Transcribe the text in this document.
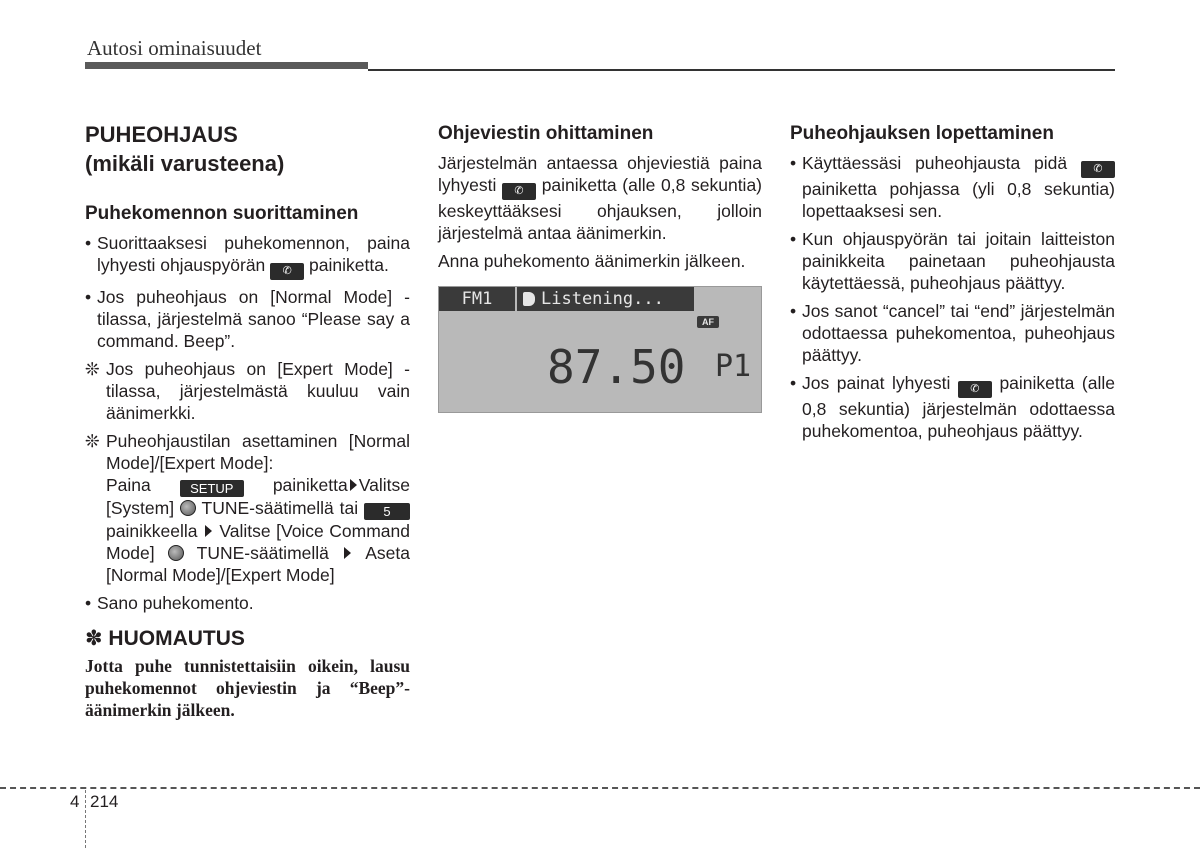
Autosi ominaisuudet
PUHEOHJAUS
(mikäli varusteena)
Puhekomennon suorittaminen
• Suorittaaksesi puhekomennon, paina lyhyesti ohjauspyörän ✆ painiketta.
• Jos puheohjaus on [Normal Mode] -tilassa, järjestelmä sanoo “Please say a command. Beep”.
❊ Jos puheohjaus on [Expert Mode] -tilassa, järjestelmästä kuuluu vain äänimerkki.
❊ Puheohjaustilan asettaminen [Normal Mode]/[Expert Mode]:
Paina	SETUP painiketta Valitse [System] TUNE-säätimellä tai 5 painikkeella Valitse [Voice Command Mode] TUNE-säätimellä Aseta [Normal Mode]/[Expert Mode]
• Sano puhekomento.
✽ HUOMAUTUS
Jotta puhe tunnistettaisiin oikein, lausu puhekomennot ohjeviestin ja “Beep”-äänimerkin jälkeen.
Ohjeviestin ohittaminen
Järjestelmän antaessa ohjeviestiä paina lyhyesti ✆ painiketta (alle 0,8 sekuntia) keskeyttääksesi ohjauksen, jolloin järjestelmä antaa äänimerkin.
Anna puhekomento äänimerkin jälkeen.
FM1	Listening...
AF
87.50 P1
Puheohjauksen lopettaminen
• Käyttäessäsi puheohjausta pidä ✆ painiketta pohjassa (yli 0,8 sekuntia) lopettaaksesi sen.
• Kun ohjauspyörän tai joitain laitteiston painikkeita painetaan puheohjausta käytettäessä, puheohjaus päättyy.
• Jos sanot “cancel” tai “end” järjestelmän odottaessa puhekomentoa, puheohjaus päättyy.
• Jos painat lyhyesti ✆ painiketta (alle 0,8 sekuntia) järjestelmän odottaessa puhekomentoa, puheohjaus päättyy.
4 214
